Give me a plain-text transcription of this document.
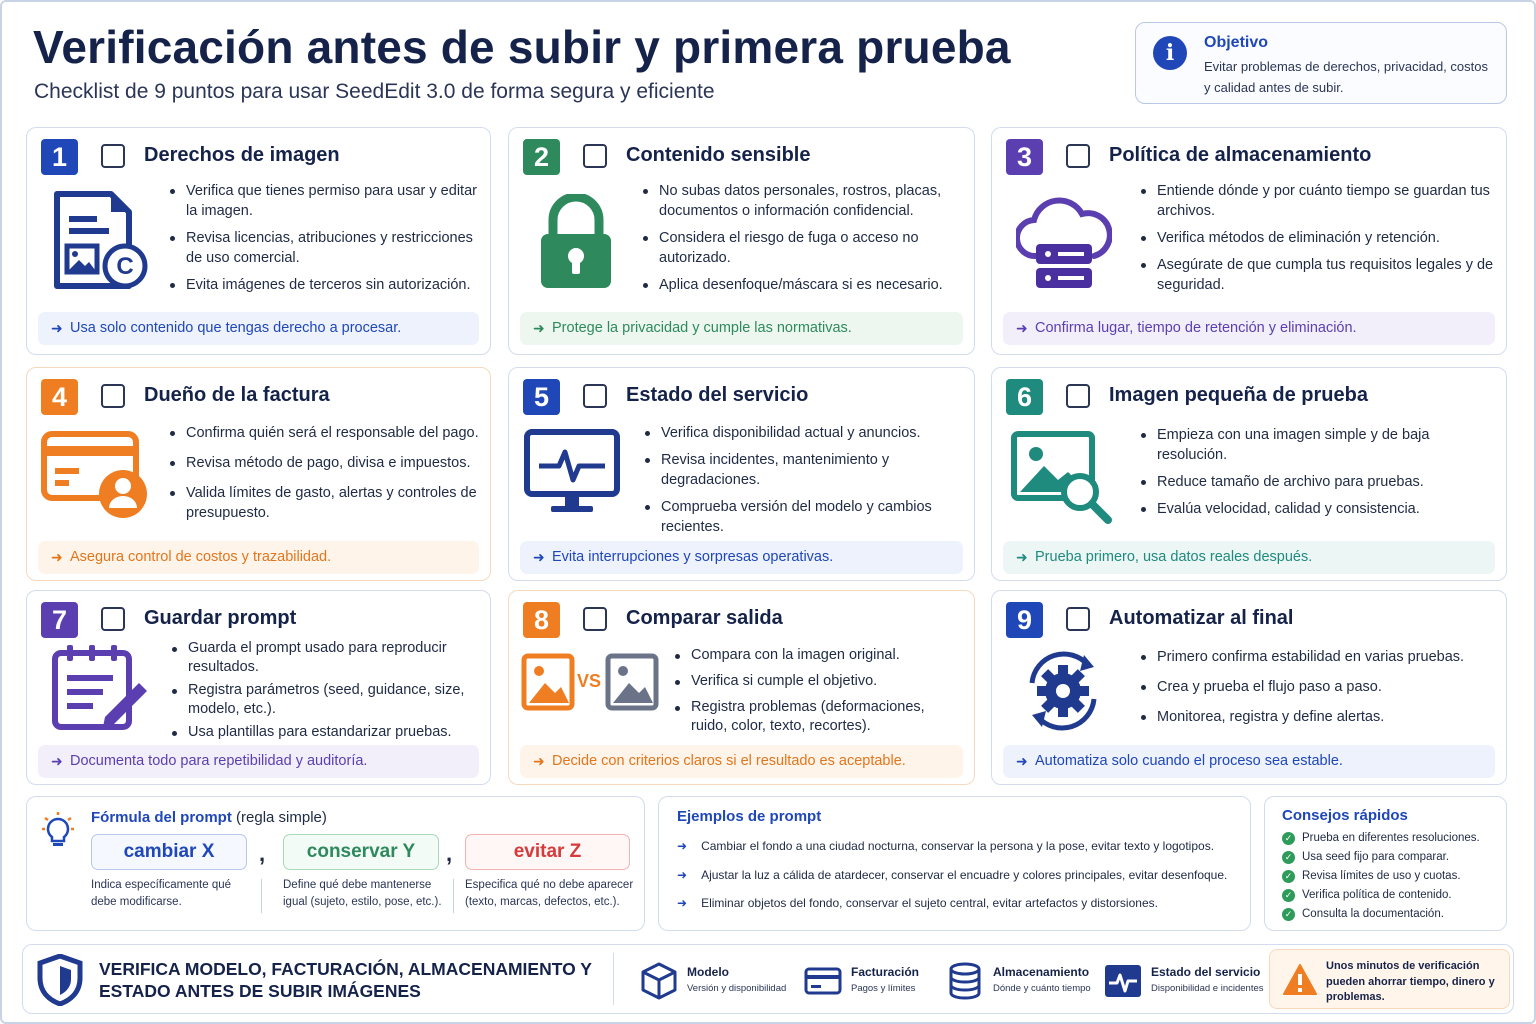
Verificación antes de subir y primera prueba
Checklist de 9 puntos para usar SeedEdit 3.0 de forma segura y eficiente
i	Objetivo
Evitar problemas de derechos, privacidad, costos y calidad antes de subir.
1	Derechos de imagen
C
Verifica que tienes permiso para usar y editar la imagen.
Revisa licencias, atribuciones y restricciones de uso comercial.
Evita imágenes de terceros sin autorización.
➜ Usa solo contenido que tengas derecho a procesar.
2	Contenido sensible
No subas datos personales, rostros, placas, documentos o información confidencial.
Considera el riesgo de fuga o acceso no autorizado.
Aplica desenfoque/máscara si es necesario.
➜ Protege la privacidad y cumple las normativas.
3	Política de almacenamiento
Entiende dónde y por cuánto tiempo se guardan tus archivos.
Verifica métodos de eliminación y retención.
Asegúrate de que cumpla tus requisitos legales y de seguridad.
➜ Confirma lugar, tiempo de retención y eliminación.
4	Dueño de la factura
Confirma quién será el responsable del pago.
Revisa método de pago, divisa e impuestos.
Valida límites de gasto, alertas y controles de presupuesto.
➜ Asegura control de costos y trazabilidad.
5	Estado del servicio
Verifica disponibilidad actual y anuncios.
Revisa incidentes, mantenimiento y degradaciones.
Comprueba versión del modelo y cambios recientes.
➜ Evita interrupciones y sorpresas operativas.
6	Imagen pequeña de prueba
Empieza con una imagen simple y de baja resolución.
Reduce tamaño de archivo para pruebas.
Evalúa velocidad, calidad y consistencia.
➜ Prueba primero, usa datos reales después.
7	Guardar prompt
Guarda el prompt usado para reproducir resultados.
Registra parámetros (seed, guidance, size, modelo, etc.).
Usa plantillas para estandarizar pruebas.
➜ Documenta todo para repetibilidad y auditoría.
8	Comparar salida
VS
Compara con la imagen original.
Verifica si cumple el objetivo.
Registra problemas (deformaciones, ruido, color, texto, recortes).
➜ Decide con criterios claros si el resultado es aceptable.
9	Automatizar al final
Primero confirma estabilidad en varias pruebas.
Crea y prueba el flujo paso a paso.
Monitorea, registra y define alertas.
➜ Automatiza solo cuando el proceso sea estable.
Fórmula del prompt (regla simple)
cambiar X	,	conservar Y	,	evitar Z
Indica específicamente qué debe modificarse.
Define qué debe mantenerse igual (sujeto, estilo, pose, etc.).
Especifica qué no debe aparecer (texto, marcas, defectos, etc.).
Ejemplos de prompt
➜ Cambiar el fondo a una ciudad nocturna, conservar la persona y la pose, evitar texto y logotipos.
➜ Ajustar la luz a cálida de atardecer, conservar el encuadre y colores principales, evitar desenfoque.
➜ Eliminar objetos del fondo, conservar el sujeto central, evitar artefactos y distorsiones.
Consejos rápidos
✓ Prueba en diferentes resoluciones.
✓ Usa seed fijo para comparar.
✓ Revisa límites de uso y cuotas.
✓ Verifica política de contenido.
✓ Consulta la documentación.
VERIFICA MODELO, FACTURACIÓN, ALMACENAMIENTO Y ESTADO ANTES DE SUBIR IMÁGENES
Modelo
Versión y disponibilidad
Facturación
Pagos y límites
Almacenamiento
Dónde y cuánto tiempo
Estado del servicio
Disponibilidad e incidentes
Unos minutos de verificación pueden ahorrar tiempo, dinero y problemas.
